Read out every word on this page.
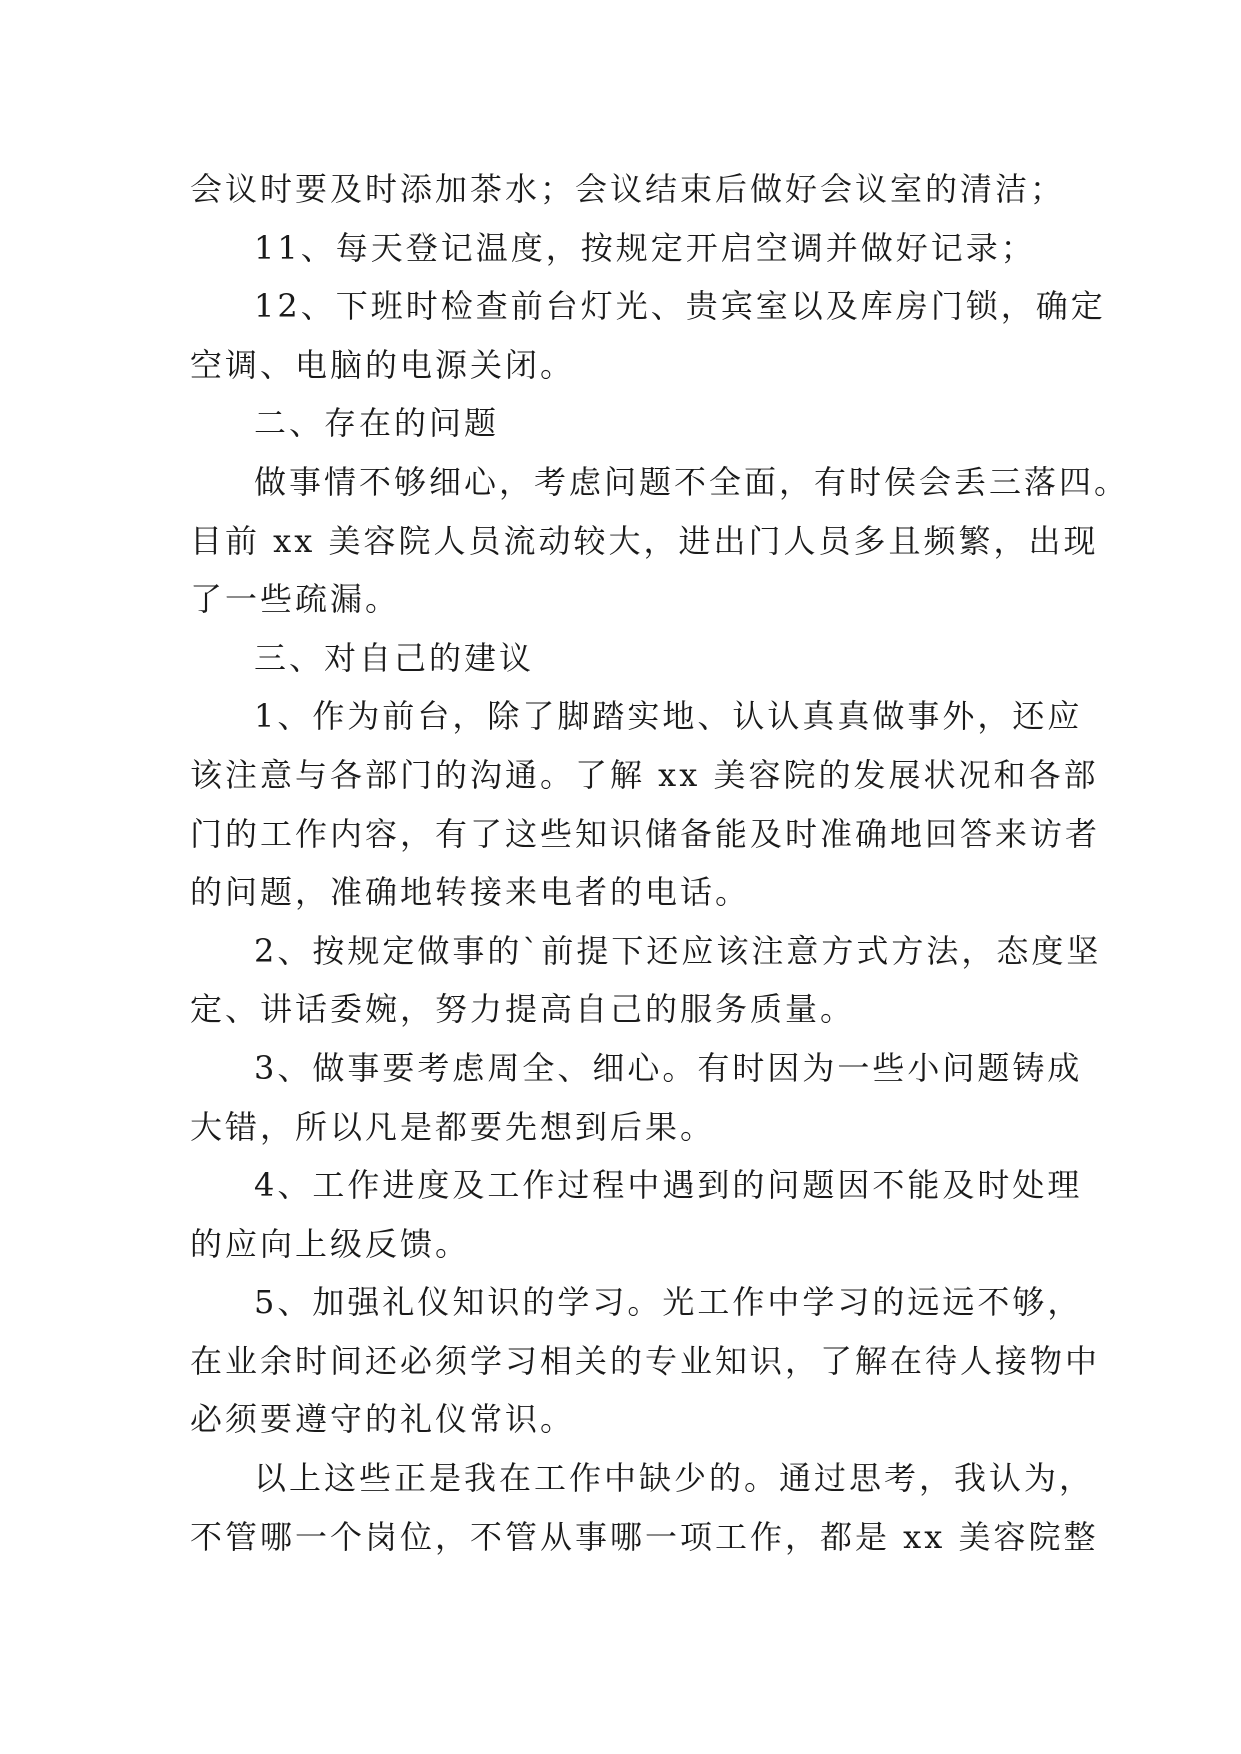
会议时要及时添加茶水；会议结束后做好会议室的清洁；
11、每天登记温度，按规定开启空调并做好记录；
12、下班时检查前台灯光、贵宾室以及库房门锁，确定
空调、电脑的电源关闭。
二、存在的问题
做事情不够细心，考虑问题不全面，有时侯会丢三落四。
目前 xx 美容院人员流动较大，进出门人员多且频繁，出现
了一些疏漏。
三、对自己的建议
1、作为前台，除了脚踏实地、认认真真做事外，还应
该注意与各部门的沟通。了解 xx 美容院的发展状况和各部
门的工作内容，有了这些知识储备能及时准确地回答来访者
的问题，准确地转接来电者的电话。
2、按规定做事的`前提下还应该注意方式方法，态度坚
定、讲话委婉，努力提高自己的服务质量。
3、做事要考虑周全、细心。有时因为一些小问题铸成
大错，所以凡是都要先想到后果。
4、工作进度及工作过程中遇到的问题因不能及时处理
的应向上级反馈。
5、加强礼仪知识的学习。光工作中学习的远远不够，
在业余时间还必须学习相关的专业知识，了解在待人接物中
必须要遵守的礼仪常识。
以上这些正是我在工作中缺少的。通过思考，我认为，
不管哪一个岗位，不管从事哪一项工作，都是 xx 美容院整
